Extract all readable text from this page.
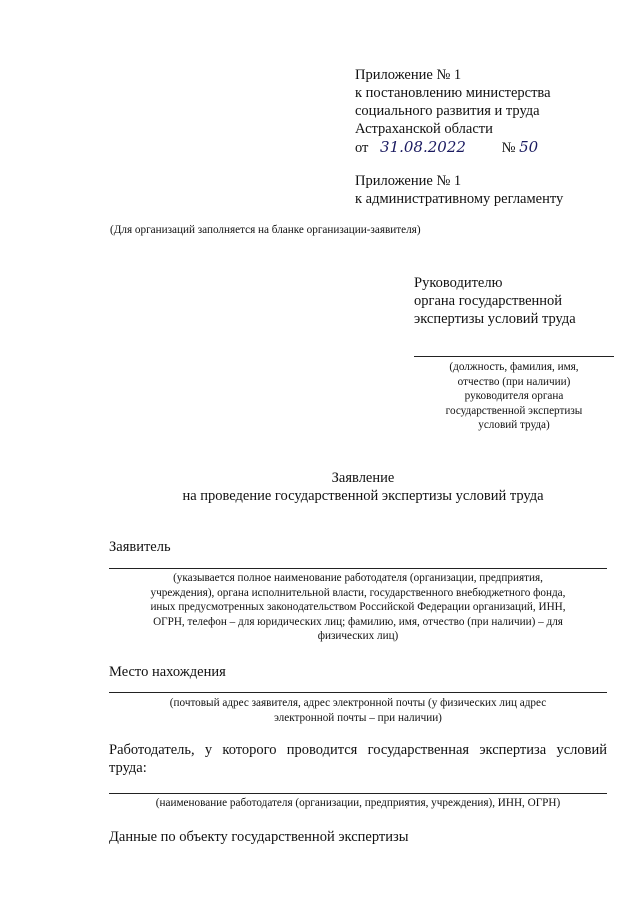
Приложение № 1
к постановлению министерства
социального развития и труда
Астраханской области
от 31.08.2022 № 50
Приложение № 1
к административному регламенту
(Для организаций заполняется на бланке организации-заявителя)
Руководителю
органа государственной
экспертизы условий труда
(должность, фамилия, имя,
отчество (при наличии)
руководителя органа
государственной экспертизы
условий труда)
Заявление
на проведение государственной экспертизы условий труда
Заявитель
(указывается полное наименование работодателя (организации, предприятия,
учреждения), органа исполнительной власти, государственного внебюджетного фонда,
иных предусмотренных законодательством Российской Федерации организаций, ИНН,
ОГРН, телефон – для юридических лиц; фамилию, имя, отчество (при наличии) – для
физических лиц)
Место нахождения
(почтовый адрес заявителя, адрес электронной почты (у физических лиц адрес
электронной почты – при наличии)
Работодатель, у которого проводится государственная экспертиза условий труда:
(наименование работодателя (организации, предприятия, учреждения), ИНН, ОГРН)
Данные по объекту государственной экспертизы
